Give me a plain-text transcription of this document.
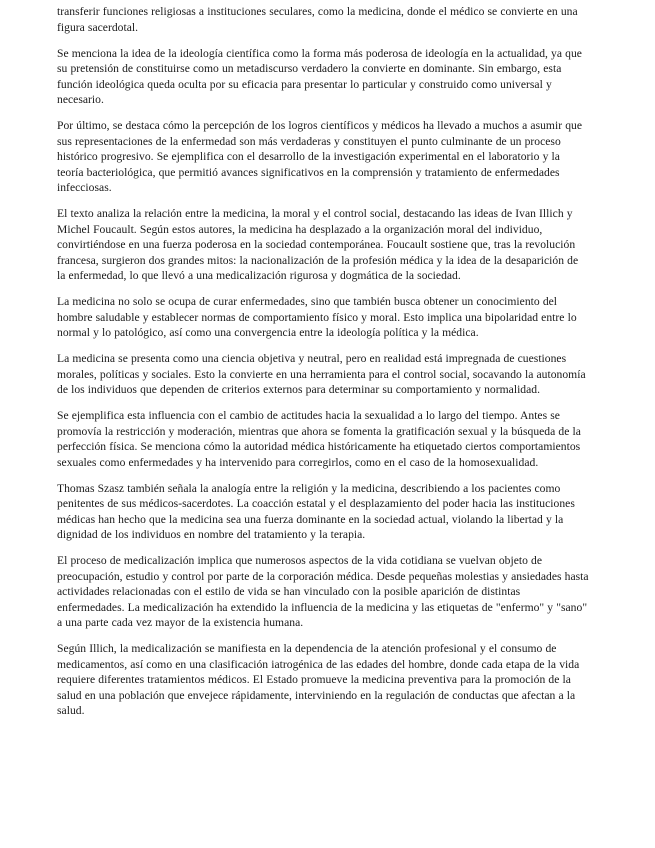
transferir funciones religiosas a instituciones seculares, como la medicina, donde el médico se convierte en una figura sacerdotal.

Se menciona la idea de la ideología científica como la forma más poderosa de ideología en la actualidad, ya que su pretensión de constituirse como un metadiscurso verdadero la convierte en dominante. Sin embargo, esta función ideológica queda oculta por su eficacia para presentar lo particular y construido como universal y necesario.

Por último, se destaca cómo la percepción de los logros científicos y médicos ha llevado a muchos a asumir que sus representaciones de la enfermedad son más verdaderas y constituyen el punto culminante de un proceso histórico progresivo. Se ejemplifica con el desarrollo de la investigación experimental en el laboratorio y la teoría bacteriológica, que permitió avances significativos en la comprensión y tratamiento de enfermedades infecciosas.

El texto analiza la relación entre la medicina, la moral y el control social, destacando las ideas de Ivan Illich y Michel Foucault. Según estos autores, la medicina ha desplazado a la organización moral del individuo, convirtiéndose en una fuerza poderosa en la sociedad contemporánea. Foucault sostiene que, tras la revolución francesa, surgieron dos grandes mitos: la nacionalización de la profesión médica y la idea de la desaparición de la enfermedad, lo que llevó a una medicalización rigurosa y dogmática de la sociedad.

La medicina no solo se ocupa de curar enfermedades, sino que también busca obtener un conocimiento del hombre saludable y establecer normas de comportamiento físico y moral. Esto implica una bipolaridad entre lo normal y lo patológico, así como una convergencia entre la ideología política y la médica.

La medicina se presenta como una ciencia objetiva y neutral, pero en realidad está impregnada de cuestiones morales, políticas y sociales. Esto la convierte en una herramienta para el control social, socavando la autonomía de los individuos que dependen de criterios externos para determinar su comportamiento y normalidad.

Se ejemplifica esta influencia con el cambio de actitudes hacia la sexualidad a lo largo del tiempo. Antes se promovía la restricción y moderación, mientras que ahora se fomenta la gratificación sexual y la búsqueda de la perfección física. Se menciona cómo la autoridad médica históricamente ha etiquetado ciertos comportamientos sexuales como enfermedades y ha intervenido para corregirlos, como en el caso de la homosexualidad.

Thomas Szasz también señala la analogía entre la religión y la medicina, describiendo a los pacientes como penitentes de sus médicos-sacerdotes. La coacción estatal y el desplazamiento del poder hacia las instituciones médicas han hecho que la medicina sea una fuerza dominante en la sociedad actual, violando la libertad y la dignidad de los individuos en nombre del tratamiento y la terapia.

El proceso de medicalización implica que numerosos aspectos de la vida cotidiana se vuelvan objeto de preocupación, estudio y control por parte de la corporación médica. Desde pequeñas molestias y ansiedades hasta actividades relacionadas con el estilo de vida se han vinculado con la posible aparición de distintas enfermedades. La medicalización ha extendido la influencia de la medicina y las etiquetas de "enfermo" y "sano" a una parte cada vez mayor de la existencia humana.

Según Illich, la medicalización se manifiesta en la dependencia de la atención profesional y el consumo de medicamentos, así como en una clasificación iatrogénica de las edades del hombre, donde cada etapa de la vida requiere diferentes tratamientos médicos. El Estado promueve la medicina preventiva para la promoción de la salud en una población que envejece rápidamente, interviniendo en la regulación de conductas que afectan a la salud.
